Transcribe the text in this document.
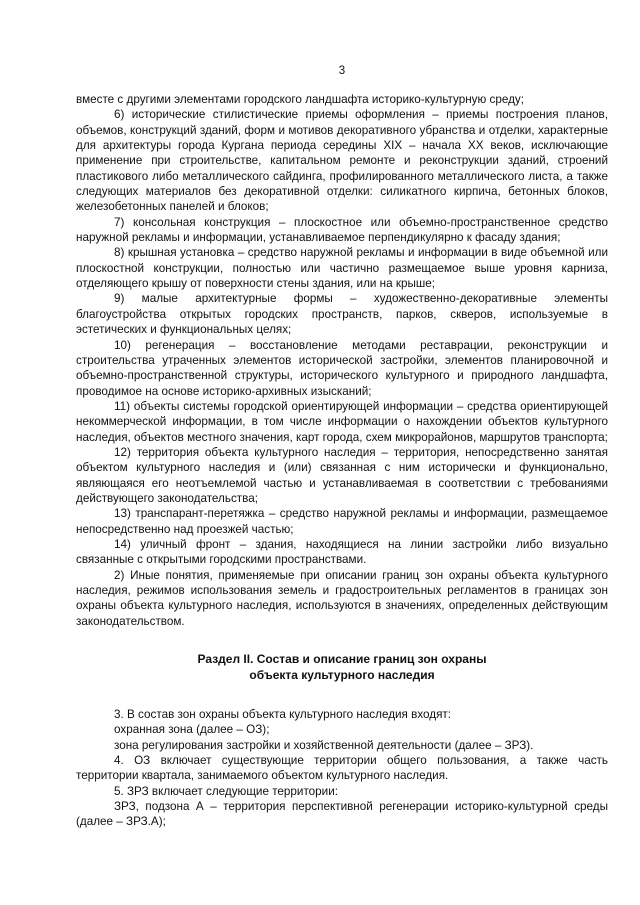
3

вместе с другими элементами городского ландшафта историко-культурную среду;

6) исторические стилистические приемы оформления – приемы построения планов, объемов, конструкций зданий, форм и мотивов декоративного убранства и отделки, характерные для архитектуры города Кургана периода середины XIX – начала XX веков, исключающие применение при строительстве, капитальном ремонте и реконструкции зданий, строений пластикового либо металлического сайдинга, профилированного металлического листа, а также следующих материалов без декоративной отделки: силикатного кирпича, бетонных блоков, железобетонных панелей и блоков;

7) консольная конструкция – плоскостное или объемно-пространственное средство наружной рекламы и информации, устанавливаемое перпендикулярно к фасаду здания;

8) крышная установка – средство наружной рекламы и информации в виде объемной или плоскостной конструкции, полностью или частично размещаемое выше уровня карниза, отделяющего крышу от поверхности стены здания, или на крыше;

9) малые архитектурные формы – художественно-декоративные элементы благоустройства открытых городских пространств, парков, скверов, используемые в эстетических и функциональных целях;

10) регенерация – восстановление методами реставрации, реконструкции и строительства утраченных элементов исторической застройки, элементов планировочной и объемно-пространственной структуры, исторического культурного и природного ландшафта, проводимое на основе историко-архивных изысканий;

11) объекты системы городской ориентирующей информации – средства ориентирующей некоммерческой информации, в том числе информации о нахождении объектов культурного наследия, объектов местного значения, карт города, схем микрорайонов, маршрутов транспорта;

12) территория объекта культурного наследия – территория, непосредственно занятая объектом культурного наследия и (или) связанная с ним исторически и функционально, являющаяся его неотъемлемой частью и устанавливаемая в соответствии с требованиями действующего законодательства;

13) транспарант-перетяжка – средство наружной рекламы и информации, размещаемое непосредственно над проезжей частью;

14) уличный фронт – здания, находящиеся на линии застройки либо визуально связанные с открытыми городскими пространствами.

2) Иные понятия, применяемые при описании границ зон охраны объекта культурного наследия, режимов использования земель и градостроительных регламентов в границах зон охраны объекта культурного наследия, используются в значениях, определенных действующим законодательством.

Раздел II. Состав и описание границ зон охраны
объекта культурного наследия

3. В состав зон охраны объекта культурного наследия входят:

охранная зона (далее – ОЗ);

зона регулирования застройки и хозяйственной деятельности (далее – ЗРЗ).

4. ОЗ включает существующие территории общего пользования, а также часть территории квартала, занимаемого объектом культурного наследия.

5. ЗРЗ включает следующие территории:

ЗРЗ, подзона А – территория перспективной регенерации историко-культурной среды (далее – ЗРЗ.А);
